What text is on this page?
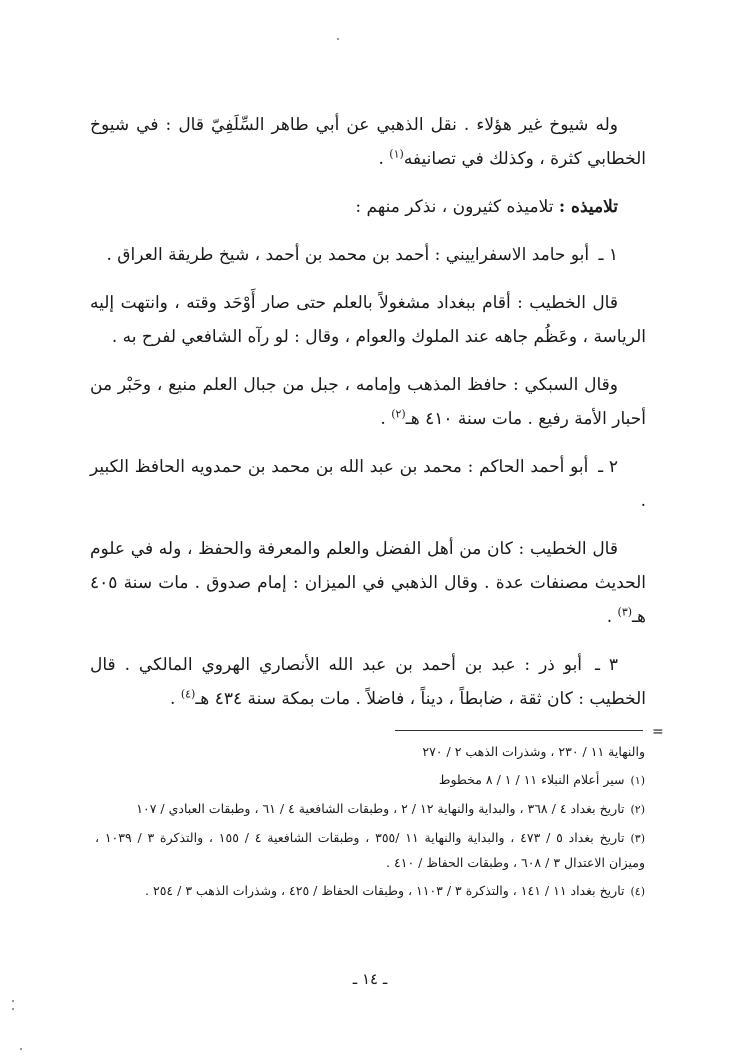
وله شيوخ غير هؤلاء . نقل الذهبي عن أبي طاهر السِّلَفِيّ قال : في شيوخ الخطابي كثرة ، وكذلك في تصانيفه$^{(١)}$ .

تلاميذه : تلاميذه كثيرون ، نذكر منهم :

١ ـ أبو حامد الاسفراييني : أحمد بن محمد بن أحمد ، شيخ طريقة العراق .

قال الخطيب : أقام ببغداد مشغولاً بالعلم حتى صار أَوْحَد وقته ، وانتهت إليه الرياسة ، وعَظُم جاهه عند الملوك والعوام ، وقال : لو رآه الشافعي لفرح به .

وقال السبكي : حافظ المذهب وإمامه ، جبل من جبال العلم منيع ، وحَبْر من أحبار الأمة رفيع . مات سنة ٤١٠ هـ$^{(٢)}$ .

٢ ـ أبو أحمد الحاكم : محمد بن عبد الله بن محمد بن حمدويه الحافظ الكبير .

قال الخطيب : كان من أهل الفضل والعلم والمعرفة والحفظ ، وله في علوم الحديث مصنفات عدة . وقال الذهبي في الميزان : إمام صدوق . مات سنة ٤٠٥ هـ$^{(٣)}$ .

٣ ـ أبو ذر : عبد بن أحمد بن عبد الله الأنصاري الهروي المالكي . قال الخطيب : كان ثقة ، ضابطاً ، ديناً ، فاضلاً . مات بمكة سنة ٤٣٤ هـ$^{(٤)}$ .

=

والنهاية ١١ / ٢٣٠ ، وشذرات الذهب ٢ / ٢٧٠

(١)سير أعلام النبلاء ١١ / ١ / ٨ مخطوط

(٢)تاريخ بغداد ٤ / ٣٦٨ ، والبداية والنهاية ١٢ / ٢ ، وطبقات الشافعية ٤ / ٦١ ، وطبقات العبادي / ١٠٧

(٣)تاريخ بغداد ٥ / ٤٧٣ ، والبداية والنهاية ١١ /٣٥٥ ، وطبقات الشافعية ٤ / ١٥٥ ، والتذكرة ٣ / ١٠٣٩ ، وميزان الاعتدال ٣ / ٦٠٨ ، وطبقات الحفاظ / ٤١٠ .

(٤)تاريخ بغداد ١١ / ١٤١ ، والتذكرة ٣ / ١١٠٣ ، وطبقات الحفاظ / ٤٢٥ ، وشذرات الذهب ٣ / ٢٥٤ .

ـ ١٤ ـ
